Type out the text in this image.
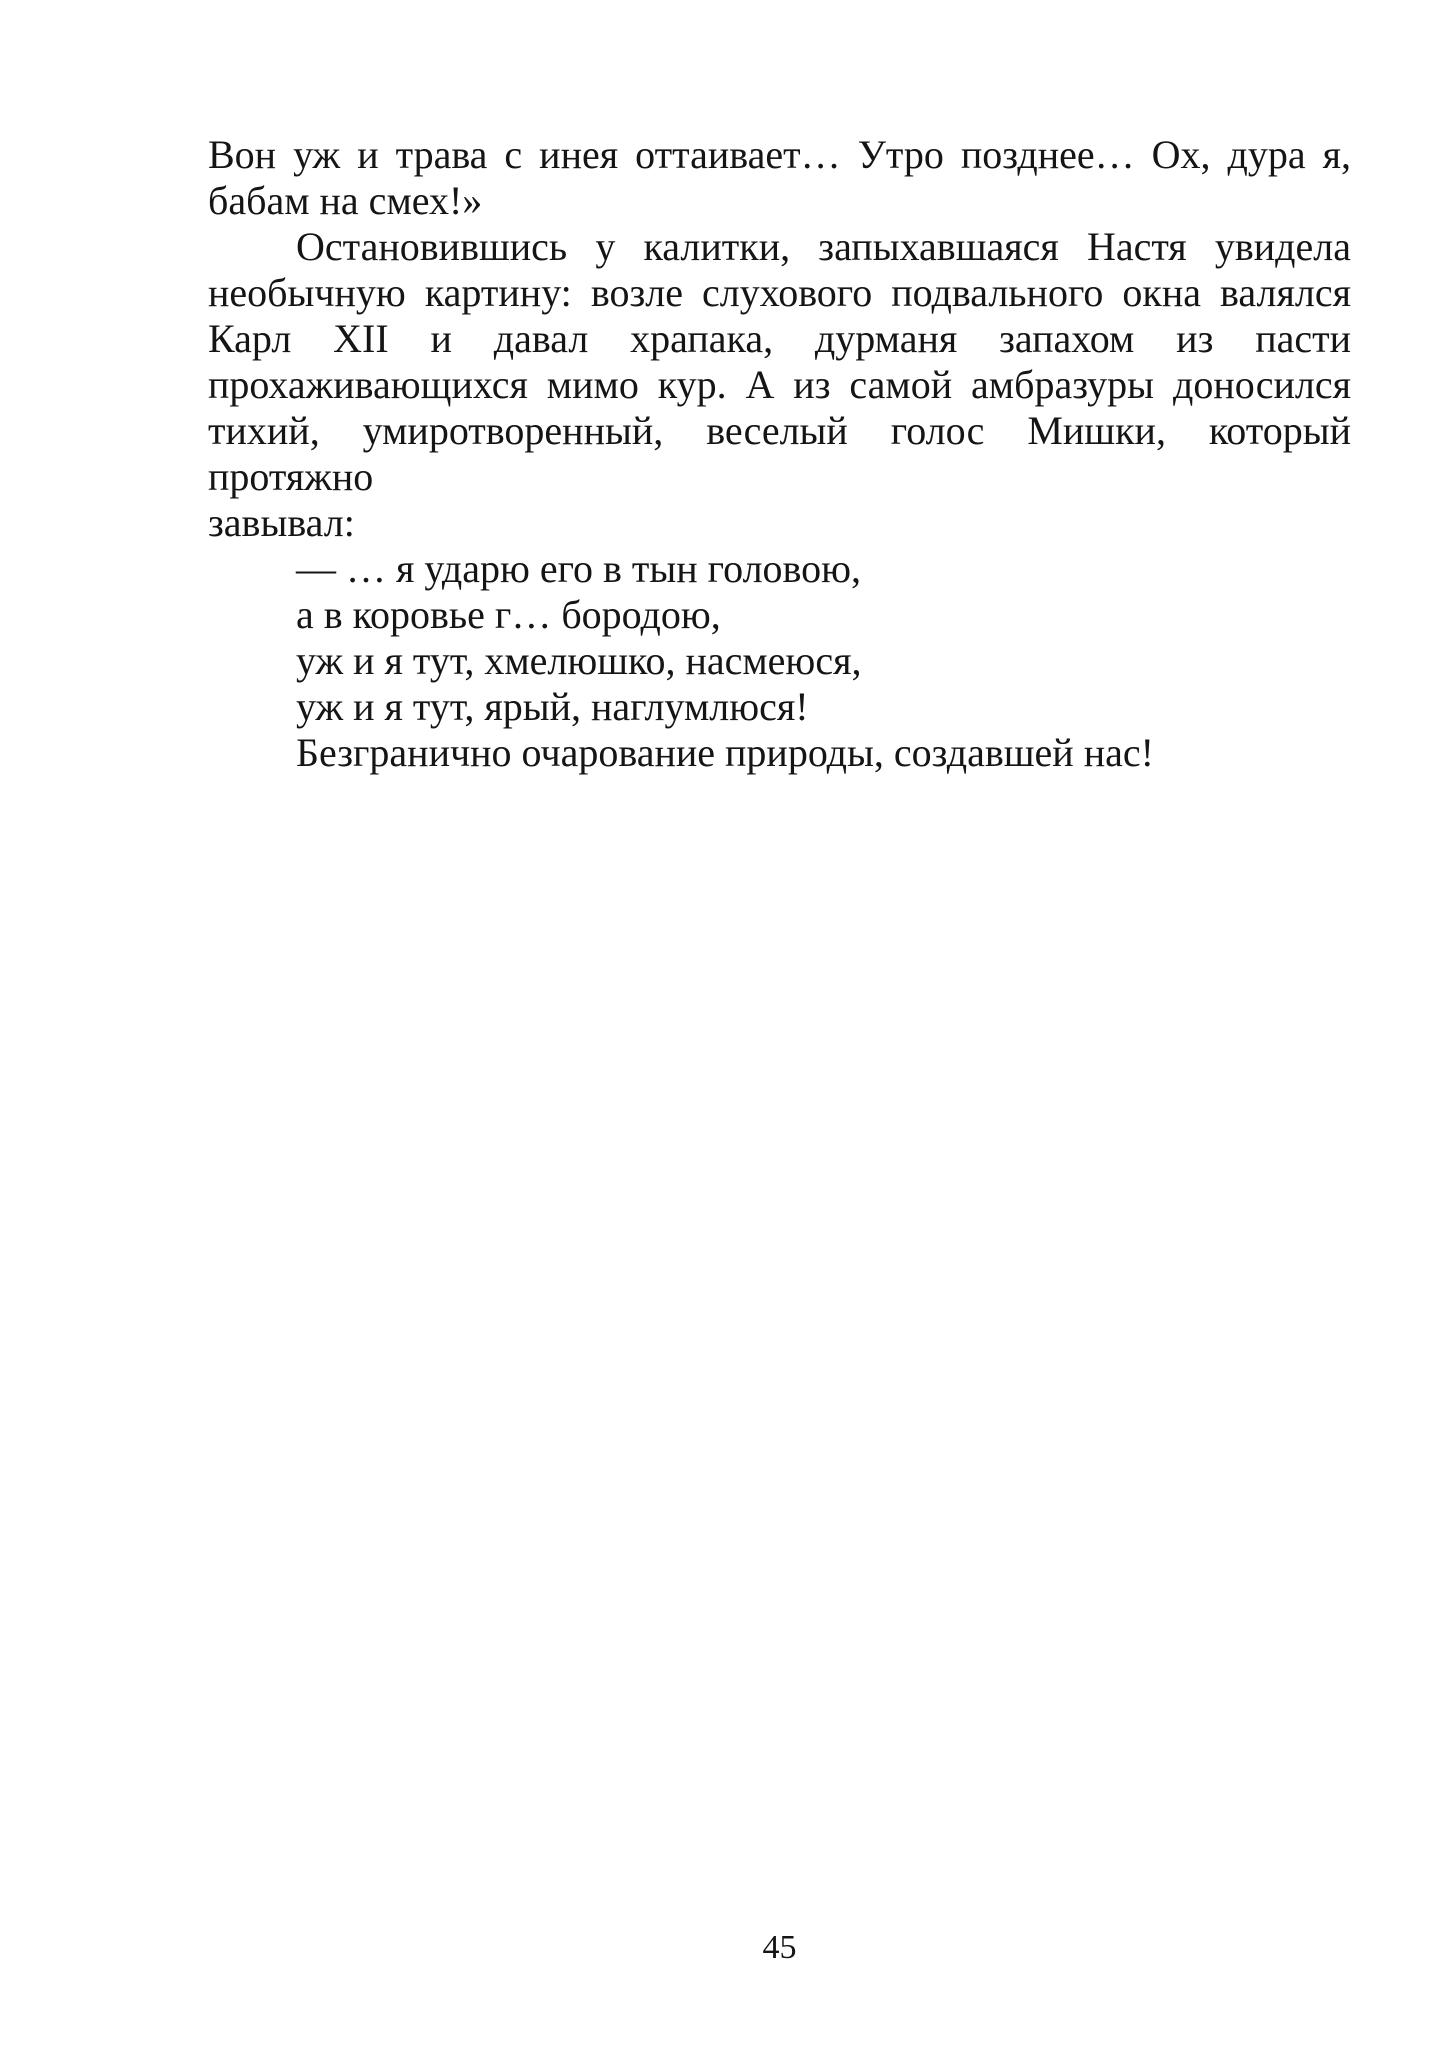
Вон уж и трава с инея оттаивает… Утро позднее… Ох, дура я,
бабам на смех!»
Остановившись у калитки, запыхавшаяся Настя увидела
необычную картину: возле слухового подвального окна валялся
Карл XII и давал храпака, дурманя запахом из пасти
прохаживающихся мимо кур. А из самой амбразуры доносился
тихий, умиротворенный, веселый голос Мишки, который протяжно
завывал:
— … я ударю его в тын головою,
а в коровье г… бородою,
уж и я тут, хмелюшко, насмеюся,
уж и я тут, ярый, наглумлюся!
Безгранично очарование природы, создавшей нас!
45
